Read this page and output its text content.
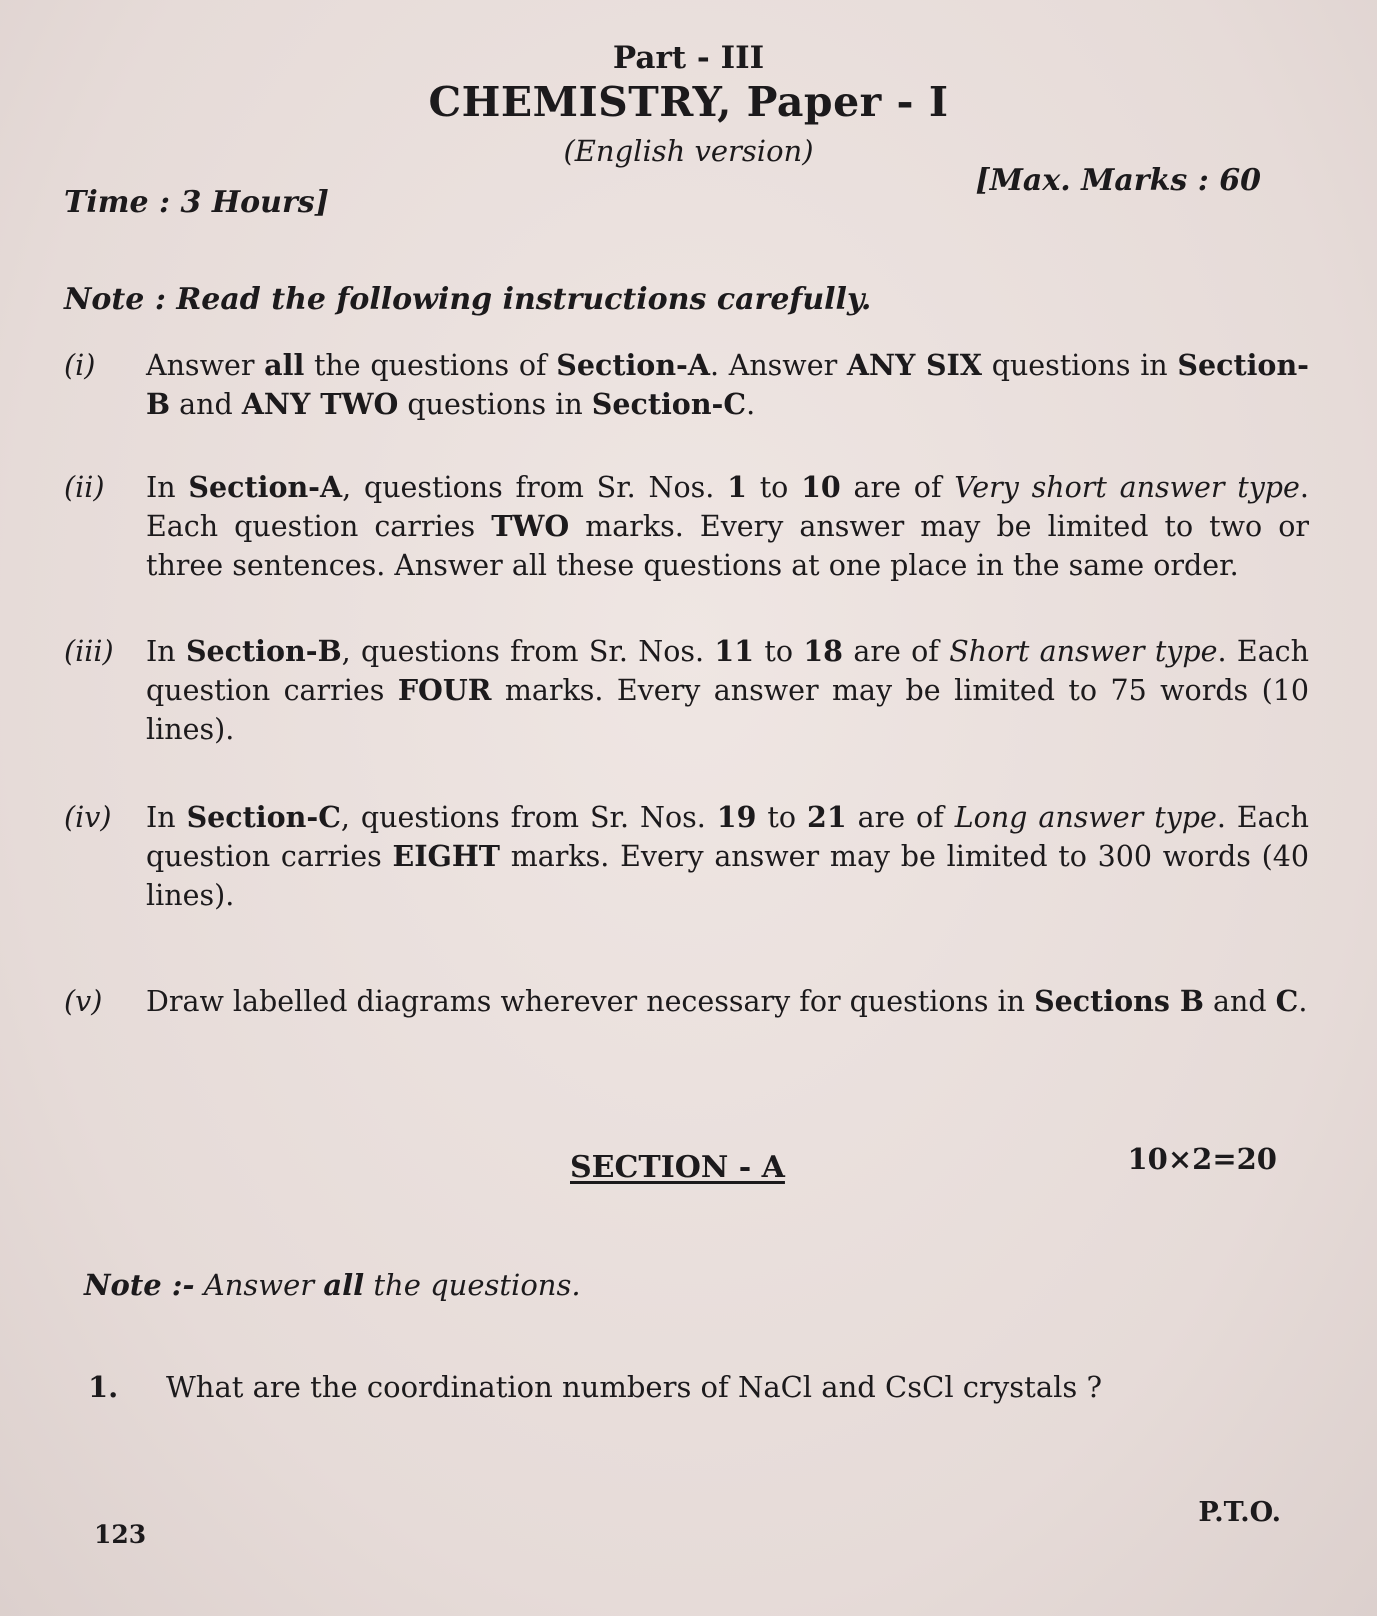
Part - III
CHEMISTRY, Paper - I
(English version)
Time : 3 Hours]
[Max. Marks : 60
Note : Read the following instructions carefully.
(i)	Answer all the questions of Section-A. Answer ANY SIX questions in Section-B and ANY TWO questions in Section-C.
(ii)	In Section-A, questions from Sr. Nos. 1 to 10 are of Very short answer type. Each question carries TWO marks. Every answer may be limited to two or three sentences. Answer all these questions at one place in the same order.
(iii)	In Section-B, questions from Sr. Nos. 11 to 18 are of Short answer type. Each question carries FOUR marks. Every answer may be limited to 75 words (10 lines).
(iv)	In Section-C, questions from Sr. Nos. 19 to 21 are of Long answer type. Each question carries EIGHT marks. Every answer may be limited to 300 words (40 lines).
(v)	Draw labelled diagrams wherever necessary for questions in Sections B and C.
SECTION - A	10×2=20
Note :- Answer all the questions.
1. What are the coordination numbers of NaCl and CsCl crystals ?
123
P.T.O.
